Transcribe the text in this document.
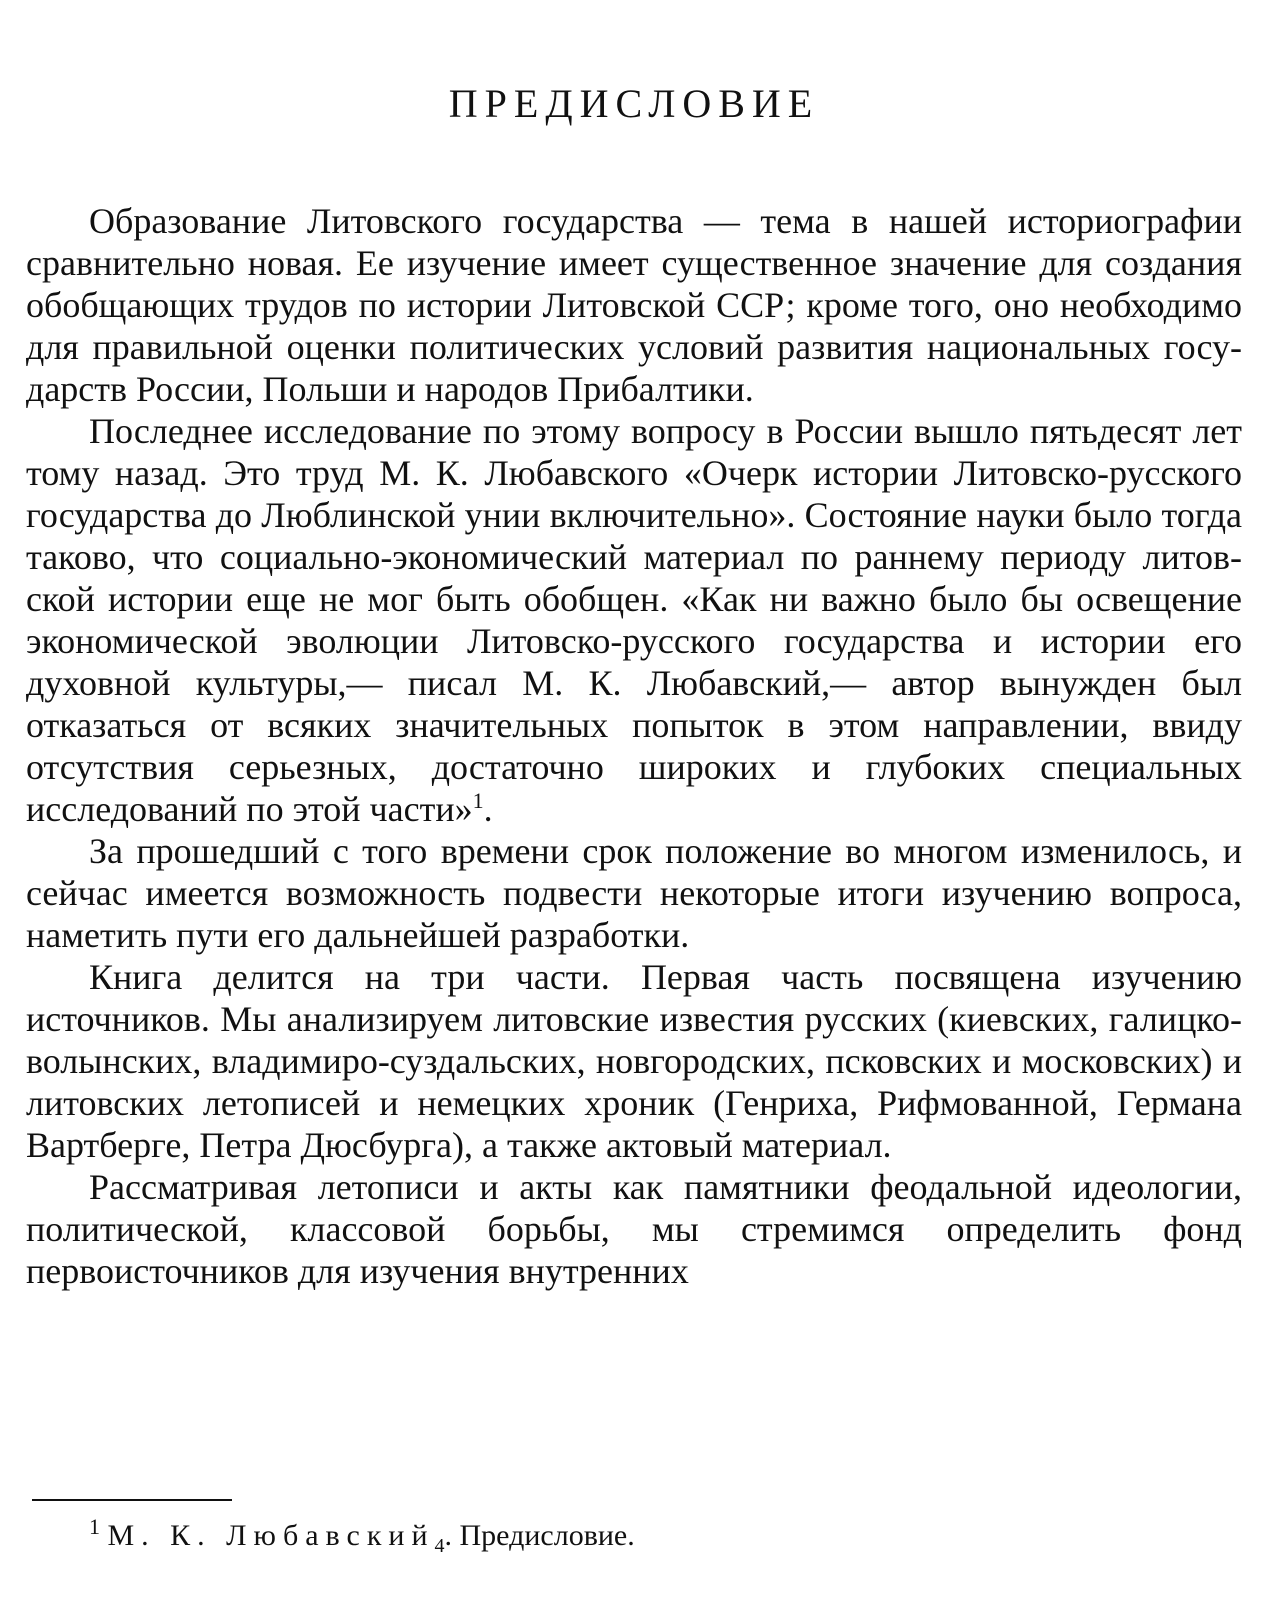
ПРЕДИСЛОВИЕ

Образование Литовского государства — тема в нашей историографии сравнительно новая. Ее изучение имеет существенное значение для создания обобщающих трудов по истории Литовской ССР; кроме того, оно необходимо для правильной оценки политических условий развития национальных государств России, Польши и народов Прибалтики.

Последнее исследование по этому вопросу в России вышло пятьдесят лет тому назад. Это труд М. К. Любавского «Очерк истории Литовско-русского государства до Люблинской унии включительно». Состояние науки было тогда таково, что социально-экономический материал по раннему периоду литовской истории еще не мог быть обобщен. «Как ни важно было бы освещение экономической эволюции Литовско-русского государства и истории его духовной культуры,— писал М. К. Любавский,— автор вынужден был отказаться от всяких значительных попыток в этом направлении, ввиду отсутствия серьезных, достаточно широких и глубоких специальных исследований по этой части»$^1$.

За прошедший с того времени срок положение во многом изменилось, и сейчас имеется возможность подвести некоторые итоги изучению вопроса, наметить пути его дальнейшей разработки.

Книга делится на три части. Первая часть посвящена изучению источников. Мы анализируем литовские известия русских (киевских, галицко-волынских, владимиро-суздальских, новгородских, псковских и московских) и литовских летописей и немецких хроник (Генриха, Рифмованной, Германа Вартберге, Петра Дюсбурга), а также актовый материал.

Рассматривая летописи и акты как памятники феодальной идеологии, политической, классовой борьбы, мы стремимся определить фонд первоисточников для изучения внутренних

$^1$ М. К. Любавский$_4$. Предисловие.
